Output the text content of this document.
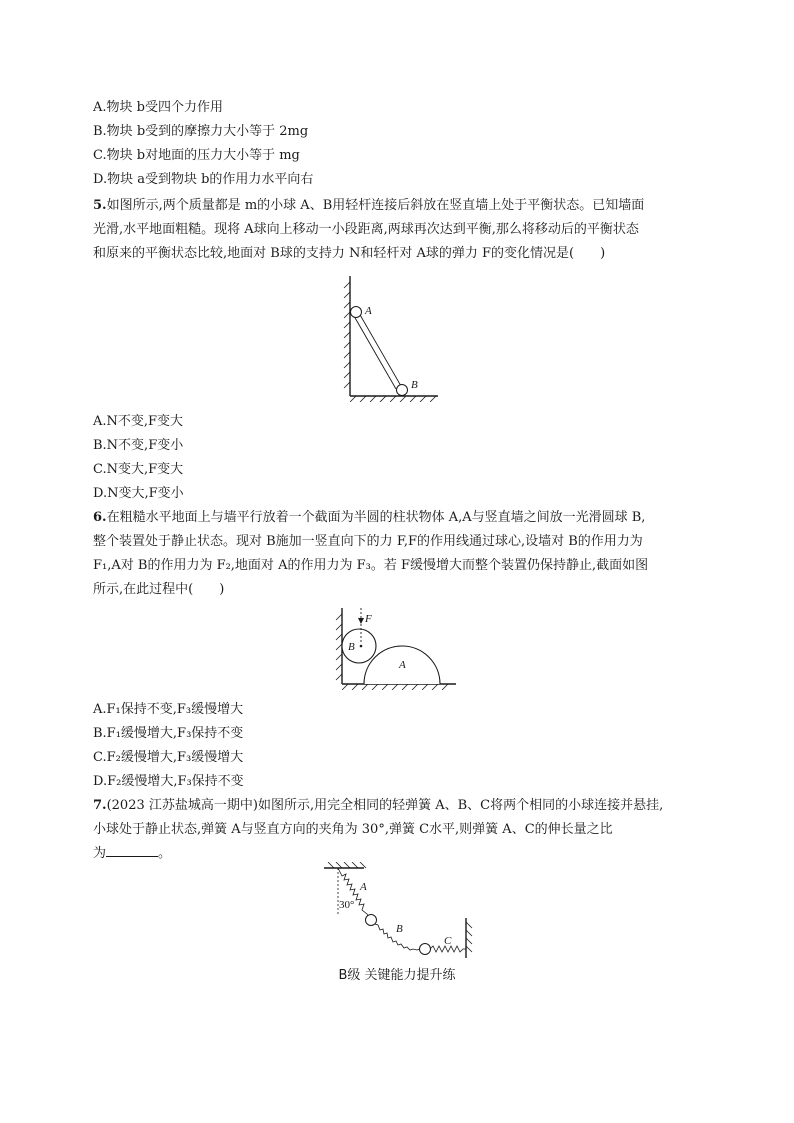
A.物块 b受四个力作用
B.物块 b受到的摩擦力大小等于 2mg
C.物块 b对地面的压力大小等于 mg
D.物块 a受到物块 b的作用力水平向右
5.如图所示,两个质量都是 m的小球 A、B用轻杆连接后斜放在竖直墙上处于平衡状态。已知墙面
光滑,水平地面粗糙。现将 A球向上移动一小段距离,两球再次达到平衡,那么将移动后的平衡状态
和原来的平衡状态比较,地面对 B球的支持力 N和轻杆对 A球的弹力 F的变化情况是(　　)
A
B
A.N不变,F变大
B.N不变,F变小
C.N变大,F变大
D.N变大,F变小
6.在粗糙水平地面上与墙平行放着一个截面为半圆的柱状物体 A,A与竖直墙之间放一光滑圆球 B,
整个装置处于静止状态。现对 B施加一竖直向下的力 F,F的作用线通过球心,设墙对 B的作用力为
F₁,A对 B的作用力为 F₂,地面对 A的作用力为 F₃。若 F缓慢增大而整个装置仍保持静止,截面如图
所示,在此过程中(　　)
F
B
A
A.F₁保持不变,F₃缓慢增大
B.F₁缓慢增大,F₃保持不变
C.F₂缓慢增大,F₃缓慢增大
D.F₂缓慢增大,F₃保持不变
7.(2023 江苏盐城高一期中)如图所示,用完全相同的轻弹簧 A、B、C将两个相同的小球连接并悬挂,
小球处于静止状态,弹簧 A与竖直方向的夹角为 30°,弹簧 C水平,则弹簧 A、C的伸长量之比
为	。
30°
A
B
C
B级 关键能力提升练
